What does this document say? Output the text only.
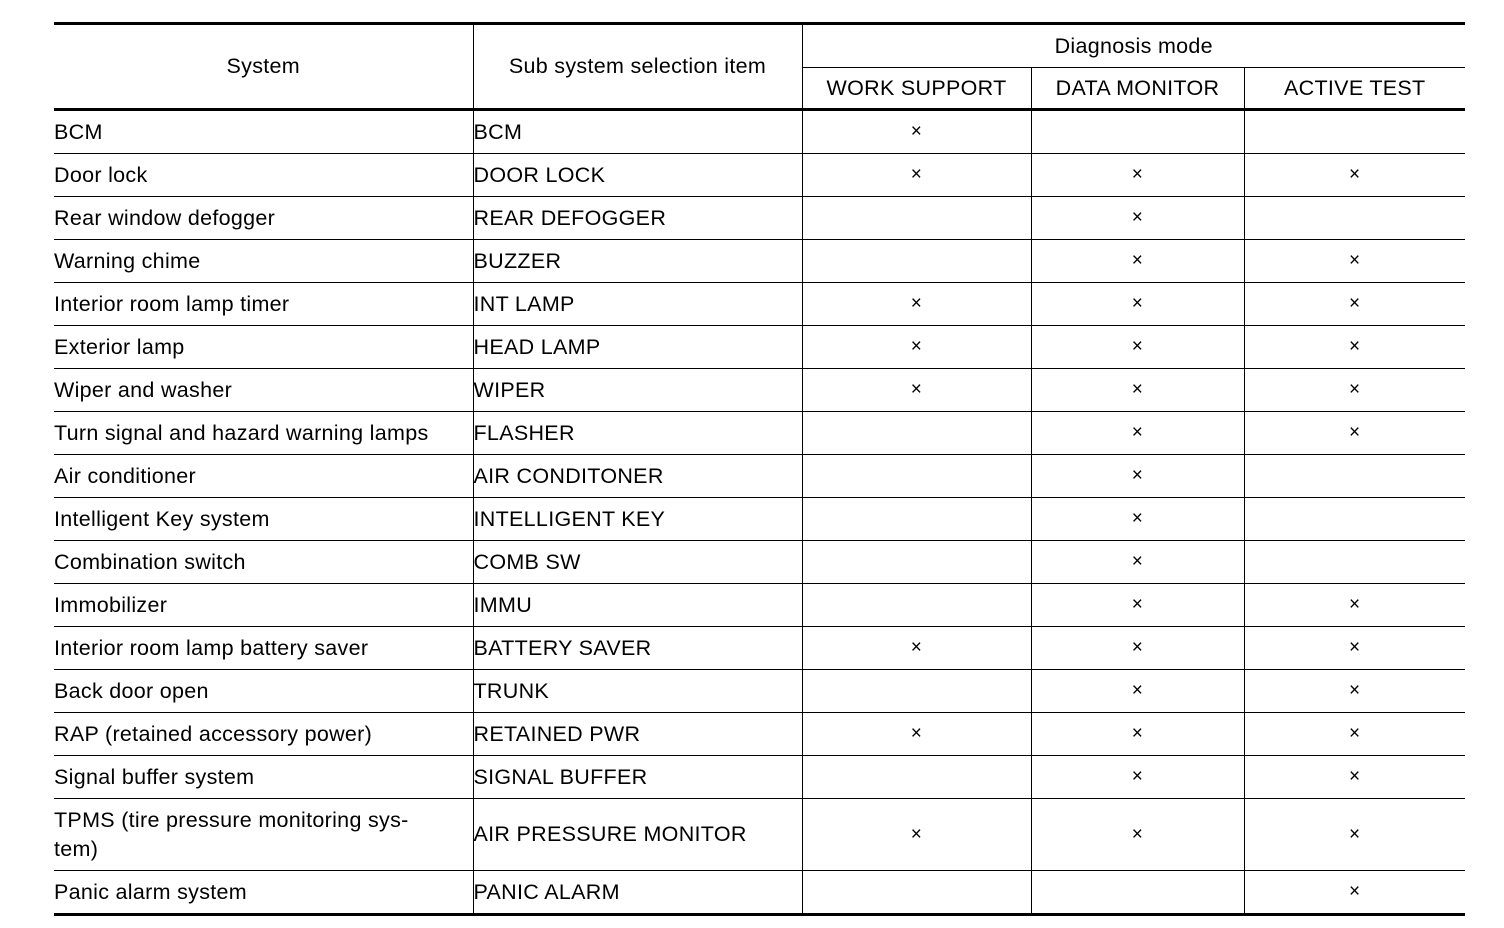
System	Sub system selection item	Diagnosis mode		
		WORK SUPPORT	DATA MONITOR	ACTIVE TEST
BCM	BCM	×		
Door lock	DOOR LOCK	×	×	×
Rear window defogger	REAR DEFOGGER		×	
Warning chime	BUZZER		×	×
Interior room lamp timer	INT LAMP	×	×	×
Exterior lamp	HEAD LAMP	×	×	×
Wiper and washer	WIPER	×	×	×
Turn signal and hazard warning lamps	FLASHER		×	×
Air conditioner	AIR CONDITONER		×	
Intelligent Key system	INTELLIGENT KEY		×	
Combination switch	COMB SW		×	
Immobilizer	IMMU		×	×
Interior room lamp battery saver	BATTERY SAVER	×	×	×
Back door open	TRUNK		×	×
RAP (retained accessory power)	RETAINED PWR	×	×	×
Signal buffer system	SIGNAL BUFFER		×	×

TPMS (tire pressure monitoring sys-
tem)	AIR PRESSURE MONITOR	×	×	×
Panic alarm system	PANIC ALARM			×
